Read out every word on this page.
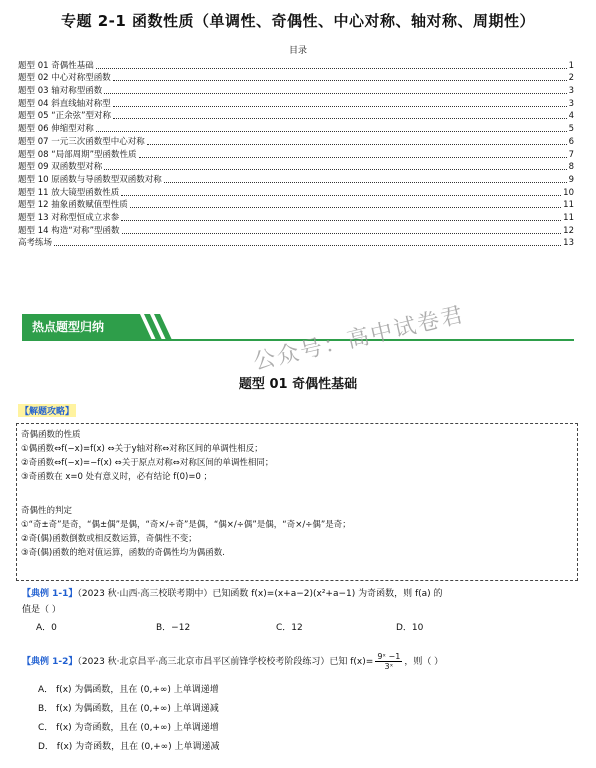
专题 2-1 函数性质（单调性、奇偶性、中心对称、轴对称、周期性）
目录
题型 01 奇偶性基础	1
题型 02 中心对称型函数	2
题型 03 轴对称型函数	3
题型 04 斜直线轴对称型	3
题型 05 “正余弦”型对称	4
题型 06 伸缩型对称	5
题型 07 一元三次函数型中心对称	6
题型 08 “局部周期”型函数性质	7
题型 09 双函数型对称	8
题型 10 原函数与导函数型双函数对称	9
题型 11 放大镜型函数性质	10
题型 12 抽象函数赋值型性质	11
题型 13 对称型恒成立求参	11
题型 14 构造“对称”型函数	12
高考练场	13
热点题型归纳
题型 01 奇偶性基础
公众号：高中试卷君
【解题攻略】
奇偶函数的性质
①偶函数⇔f(−x)=f(x) ⇔关于y轴对称⇔对称区间的单调性相反；
②奇函数⇔f(−x)=−f(x) ⇔关于原点对称⇔对称区间的单调性相同；
③奇函数在 x=0 处有意义时，必有结论 f(0)=0 ；
奇偶性的判定
①“奇±奇”是奇，“偶±偶”是偶，“奇×/÷奇”是偶，“偶×/÷偶”是偶，“奇×/÷偶”是奇；
②奇(偶)函数倒数或相反数运算，奇偶性不变；
③奇(偶)函数的绝对值运算，函数的奇偶性均为偶函数.
【典例 1-1】（2023 秋·山西·高三校联考期中）已知函数 f(x)=(x+a−2)(x²+a−1) 为奇函数，则 f(a) 的
值是（ ）
A．0	B．−12	C．12	D．10
【典例 1-2】（2023 秋·北京昌平·高三北京市昌平区前锋学校校考阶段练习）已知 $f(x)= \frac{\text{9ˣ −1}}{\text{3ˣ}}$ ，则（ ）
A． f(x) 为偶函数，且在 (0,+∞) 上单调递增
B． f(x) 为偶函数，且在 (0,+∞) 上单调递减
C． f(x) 为奇函数，且在 (0,+∞) 上单调递增
D． f(x) 为奇函数，且在 (0,+∞) 上单调递减
